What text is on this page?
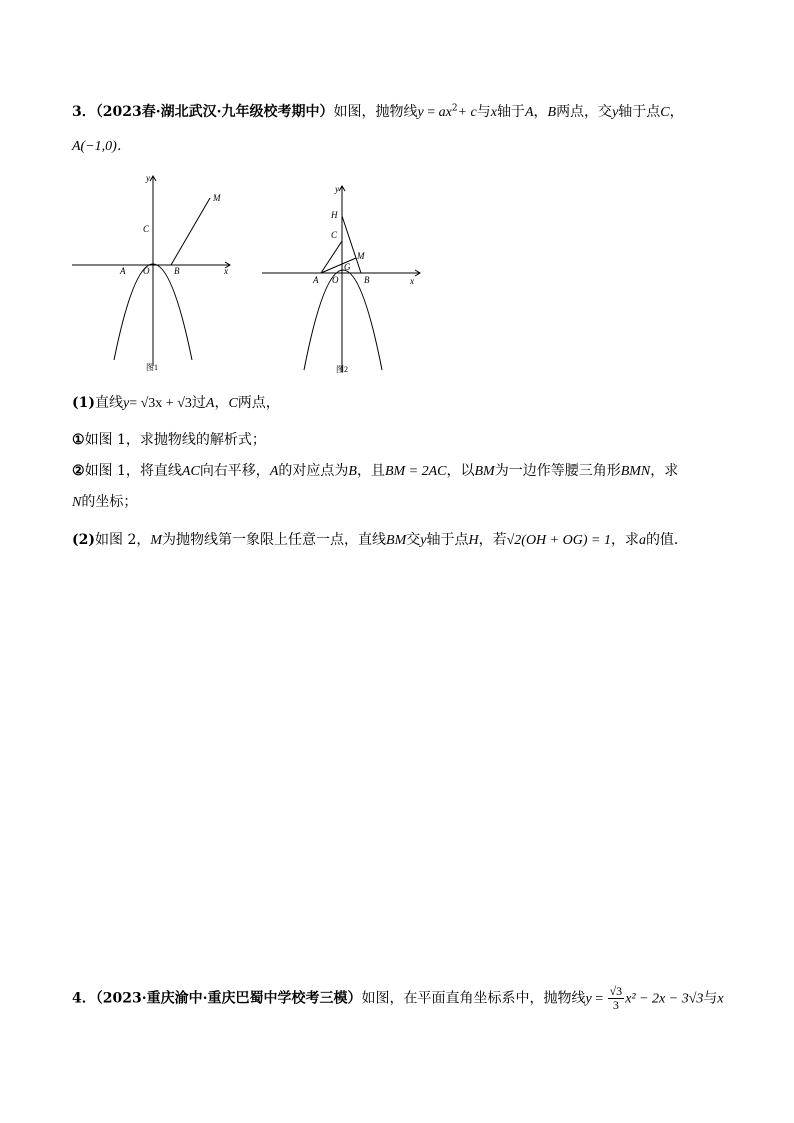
3．（2023春·湖北武汉·九年级校考期中）如图，抛物线$y = ax^2+ c$与x轴于A，B两点，交y轴于点C，
A(−1,0)．
y
x
A O	B
C
M
图1
y
x
H
C
M
G
A O	B
图2
(1)直线y= √3x + √3过A，C两点，
①如图 1，求抛物线的解析式；
②如图 1，将直线AC向右平移，A的对应点为B，且BM = 2AC，以BM为一边作等腰三角形BMN，求
N的坐标；
(2)如图 2，M为抛物线第一象限上任意一点，直线BM交y轴于点H，若√2(OH + OG) = 1，求a的值．
4．（2023·重庆渝中·重庆巴蜀中学校考三模）如图，在平面直角坐标系中，抛物线$y = \frac{√3}{3} x^2 - 2x - 3√3$与x
